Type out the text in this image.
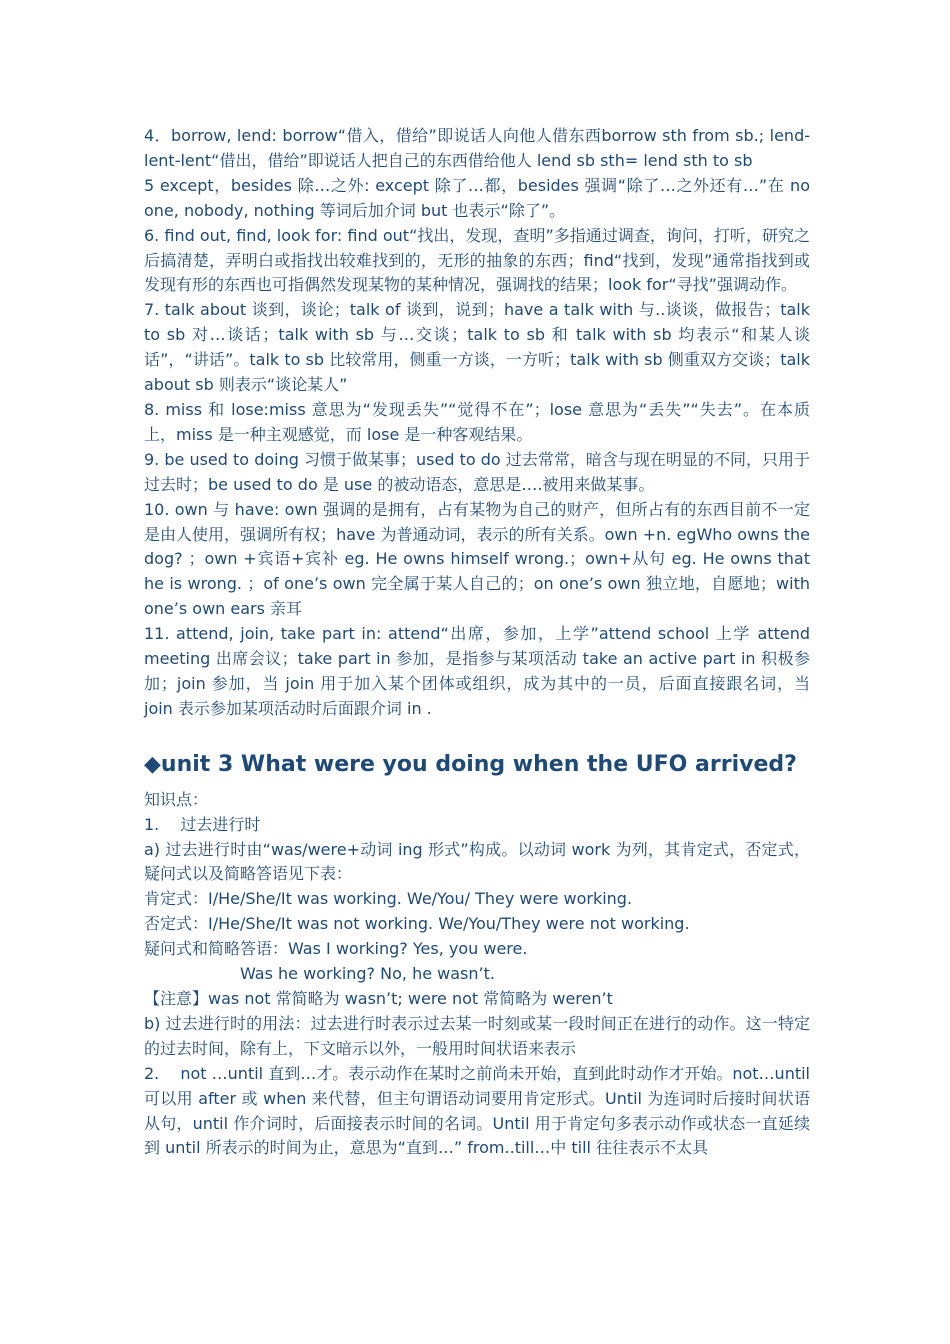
4．borrow, lend: borrow“借入，借给”即说话人向他人借东西borrow sth from sb.; lend-lent-lent“借出，借给”即说话人把自己的东西借给他人 lend sb sth= lend sth to sb

5 except，besides 除…之外: except 除了…都，besides 强调“除了…之外还有…”在 no one, nobody, nothing 等词后加介词 but 也表示“除了”。

6. find out, find, look for: find out“找出，发现，查明”多指通过调查，询问，打听，研究之后搞清楚，弄明白或指找出较难找到的，无形的抽象的东西；find“找到，发现”通常指找到或发现有形的东西也可指偶然发现某物的某种情况，强调找的结果；look for“寻找”强调动作。

7. talk about 谈到，谈论；talk of 谈到，说到；have a talk with 与..谈谈，做报告；talk to sb 对…谈话；talk with sb 与…交谈；talk to sb 和 talk with sb 均表示“和某人谈话”，“讲话”。talk to sb 比较常用，侧重一方谈，一方听；talk with sb 侧重双方交谈；talk about sb 则表示“谈论某人”

8. miss 和 lose:miss 意思为“发现丢失”“觉得不在”；lose 意思为“丢失”“失去”。在本质上，miss 是一种主观感觉，而 lose 是一种客观结果。

9. be used to doing 习惯于做某事；used to do 过去常常，暗含与现在明显的不同，只用于过去时；be used to do 是 use 的被动语态，意思是….被用来做某事。

10. own 与 have: own 强调的是拥有，占有某物为自己的财产，但所占有的东西目前不一定是由人使用，强调所有权；have 为普通动词，表示的所有关系。own +n. egWho owns the dog? ；own +宾语+宾补 eg. He owns himself wrong.；own+从句 eg. He owns that he is wrong. ；of one’s own 完全属于某人自己的；on one’s own 独立地，自愿地；with one’s own ears 亲耳

11. attend, join, take part in: attend“出席，参加，上学”attend school 上学 attend meeting 出席会议；take part in 参加，是指参与某项活动 take an active part in 积极参加；join 参加，当 join 用于加入某个团体或组织，成为其中的一员，后面直接跟名词，当 join 表示参加某项活动时后面跟介词 in .

◆unit 3 What were you doing when the UFO arrived?

知识点：

1.　 过去进行时

a) 过去进行时由“was/were+动词 ing 形式”构成。以动词 work 为列，其肯定式，否定式，疑问式以及简略答语见下表：

肯定式：I/He/She/It was working. We/You/ They were working.

否定式：I/He/She/It was not working. We/You/They were not working.

疑问式和简略答语：Was I working? Yes, you were.

Was he working? No, he wasn’t.

【注意】was not 常简略为 wasn’t; were not 常简略为 weren’t

b) 过去进行时的用法：过去进行时表示过去某一时刻或某一段时间正在进行的动作。这一特定的过去时间，除有上，下文暗示以外，一般用时间状语来表示

2.　 not …until 直到…才。表示动作在某时之前尚未开始，直到此时动作才开始。not…until 可以用 after 或 when 来代替，但主句谓语动词要用肯定形式。Until 为连词时后接时间状语从句，until 作介词时，后面接表示时间的名词。Until 用于肯定句多表示动作或状态一直延续到 until 所表示的时间为止，意思为“直到…” from..till…中 till 往往表示不太具
